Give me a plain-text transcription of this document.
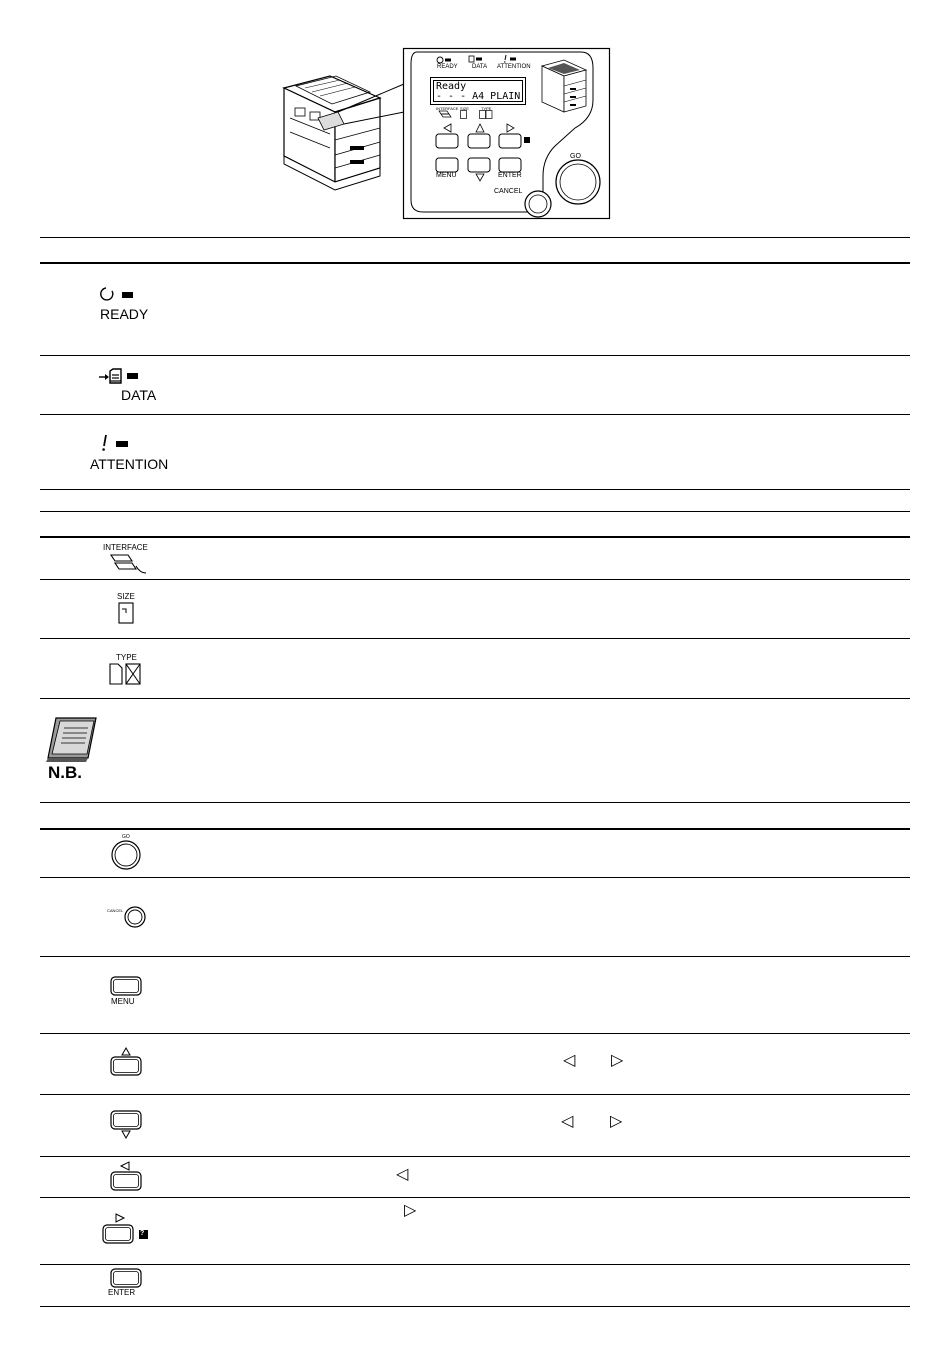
READY DATA ATTENTION
Ready
- - - A4 PLAIN
INTERFACE SIZE	TYPE
MENU	ENTER
GO
CANCEL
READY
DATA
ATTENTION
INTERFACE
SIZE
TYPE
N.B.
GO
CANCEL
MENU
◁ ▷
◁ ▷
◁
?
▷
ENTER
